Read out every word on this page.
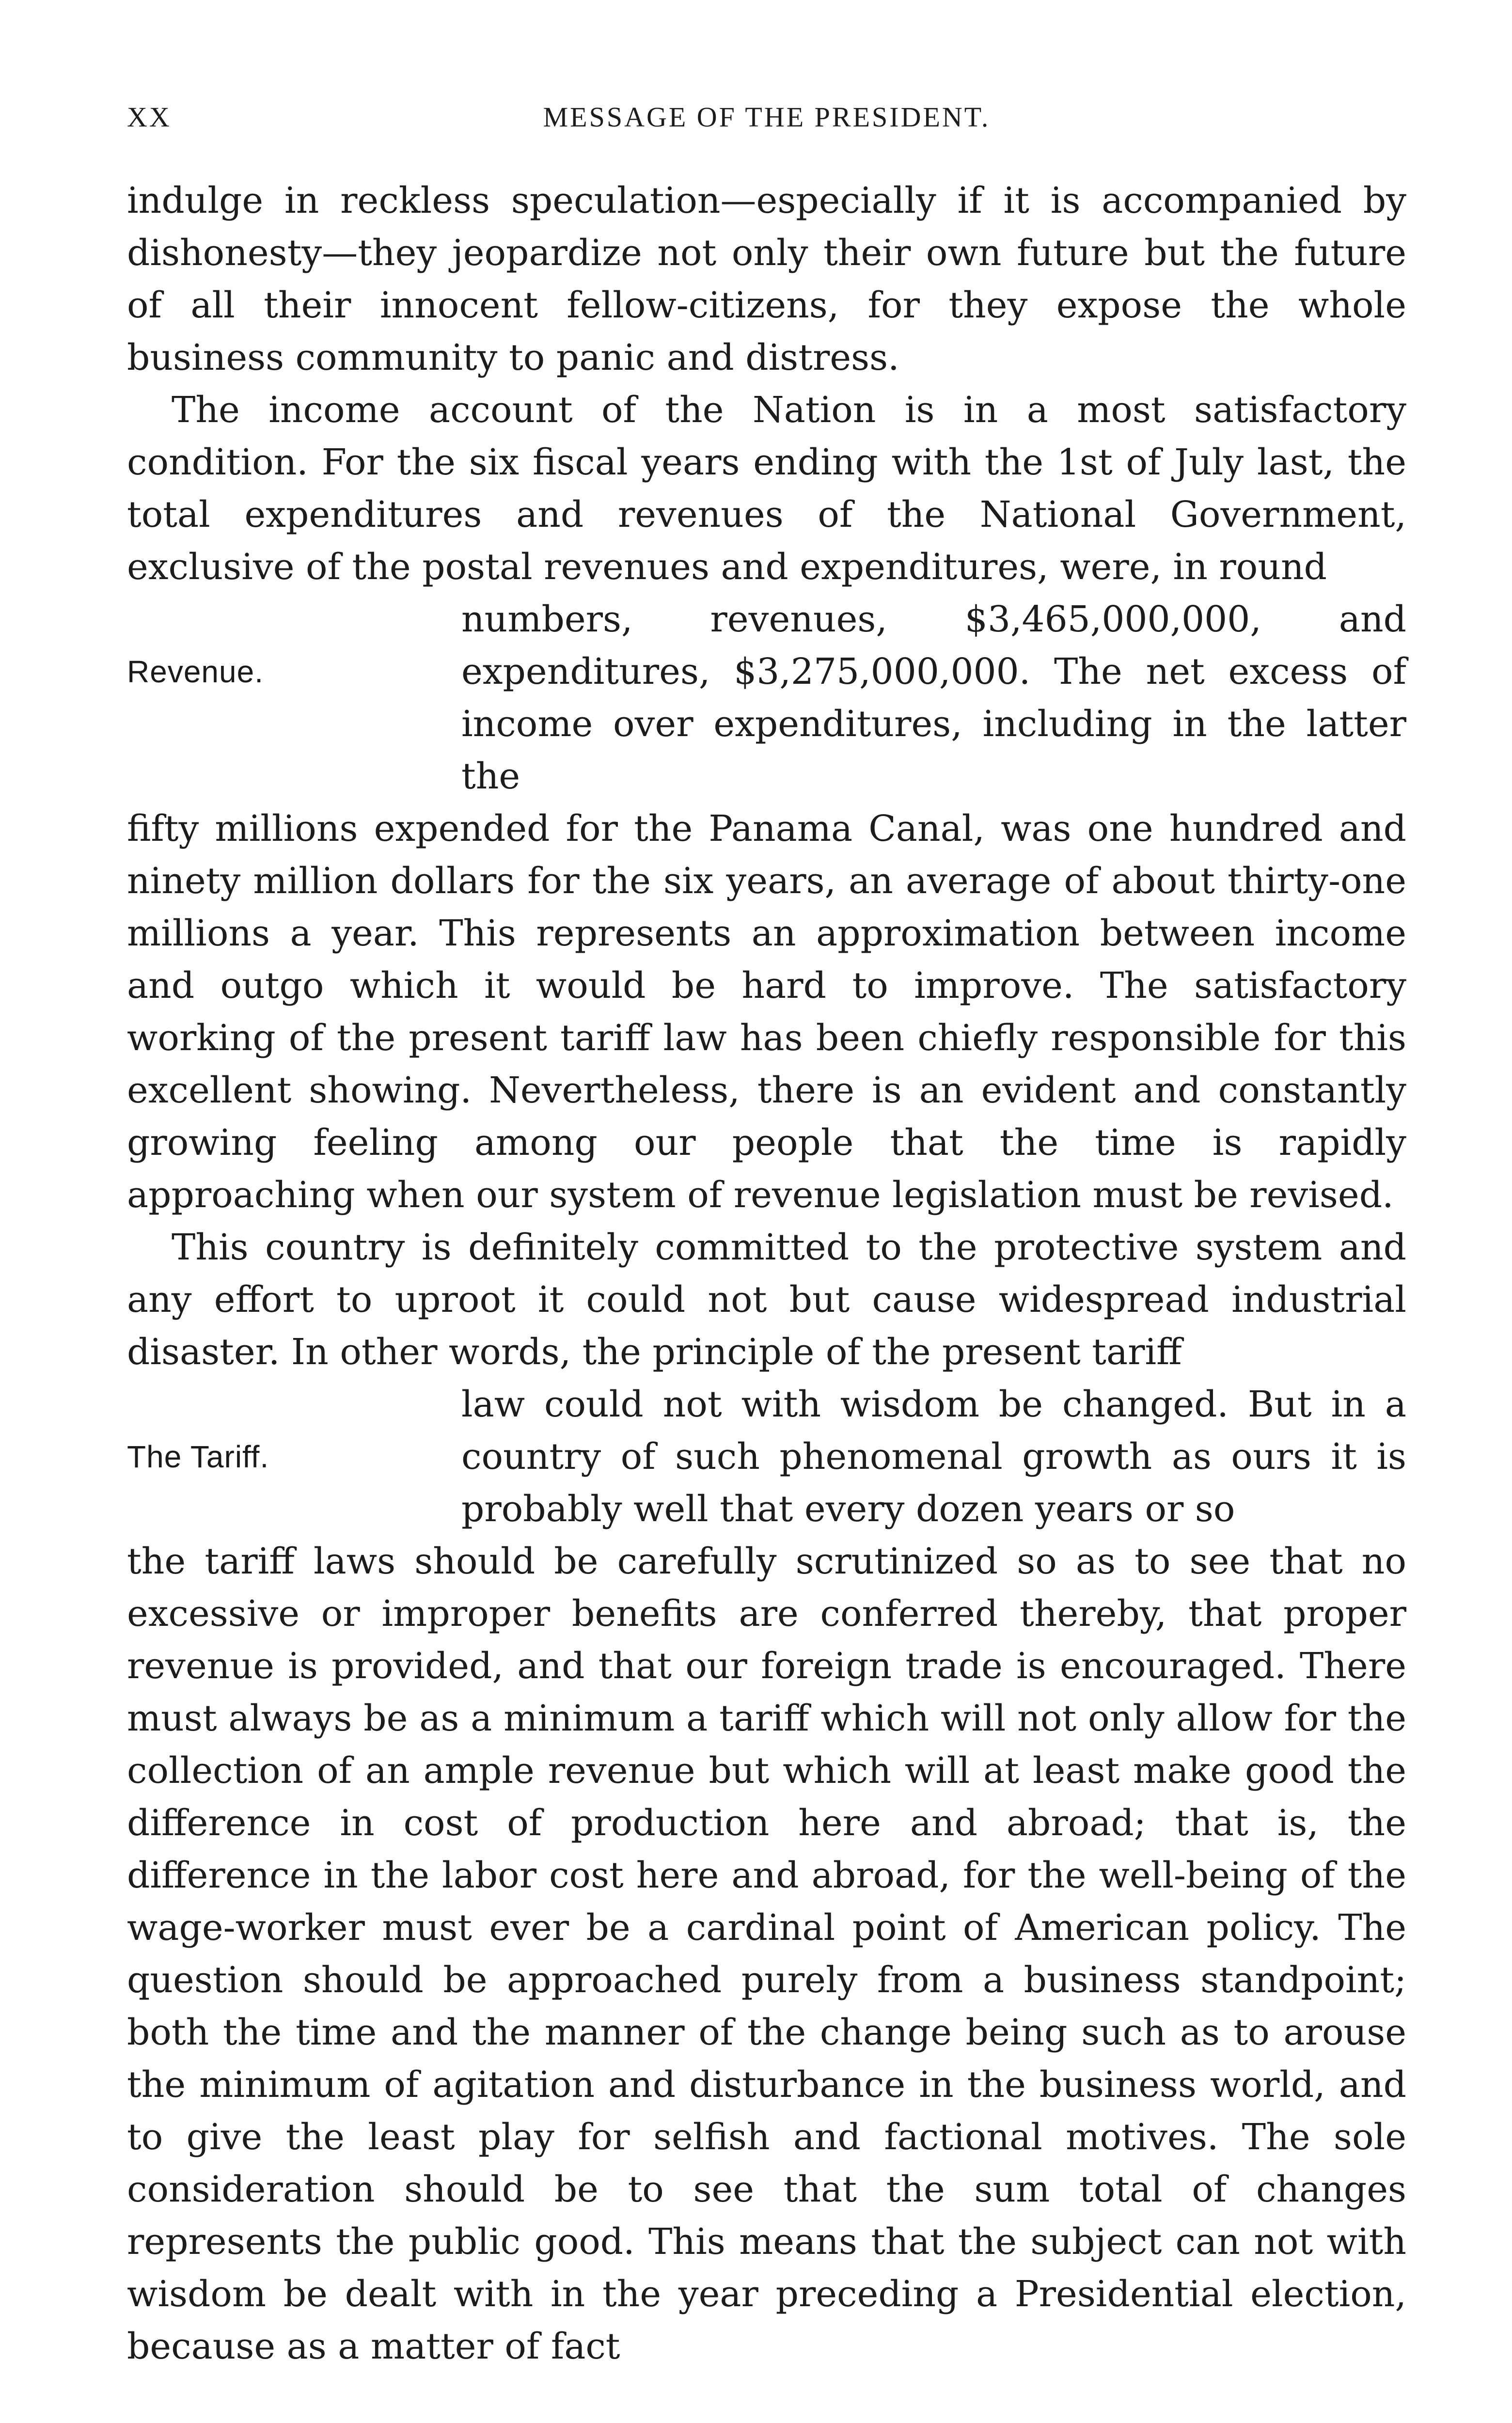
XX	MESSAGE OF THE PRESIDENT.

indulge in reckless speculation—especially if it is accompanied by dishonesty—they jeopardize not only their own future but the future of all their innocent fellow-citizens, for they expose the whole business community to panic and distress.

The income account of the Nation is in a most satisfactory condition. For the six fiscal years ending with the 1st of July last, the total expenditures and revenues of the National Government, exclusive of the postal revenues and expenditures, were, in round

Revenue.

numbers, revenues, $3,465,000,000, and expenditures, $3,275,000,000. The net excess of income over expenditures, including in the latter the

fifty millions expended for the Panama Canal, was one hundred and ninety million dollars for the six years, an average of about thirty-one millions a year. This represents an approximation between income and outgo which it would be hard to improve. The satisfactory working of the present tariff law has been chiefly responsible for this excellent showing. Nevertheless, there is an evident and constantly growing feeling among our people that the time is rapidly approaching when our system of revenue legislation must be revised.

This country is definitely committed to the protective system and any effort to uproot it could not but cause widespread industrial disaster. In other words, the principle of the present tariff

The Tariff.

law could not with wisdom be changed. But in a country of such phenomenal growth as ours it is probably well that every dozen years or so

the tariff laws should be carefully scrutinized so as to see that no excessive or improper benefits are conferred thereby, that proper revenue is provided, and that our foreign trade is encouraged. There must always be as a minimum a tariff which will not only allow for the collection of an ample revenue but which will at least make good the difference in cost of production here and abroad; that is, the difference in the labor cost here and abroad, for the well-being of the wage-worker must ever be a cardinal point of American policy. The question should be approached purely from a business standpoint; both the time and the manner of the change being such as to arouse the minimum of agitation and disturbance in the business world, and to give the least play for selfish and factional motives. The sole consideration should be to see that the sum total of changes represents the public good. This means that the subject can not with wisdom be dealt with in the year preceding a Presidential election, because as a matter of fact
